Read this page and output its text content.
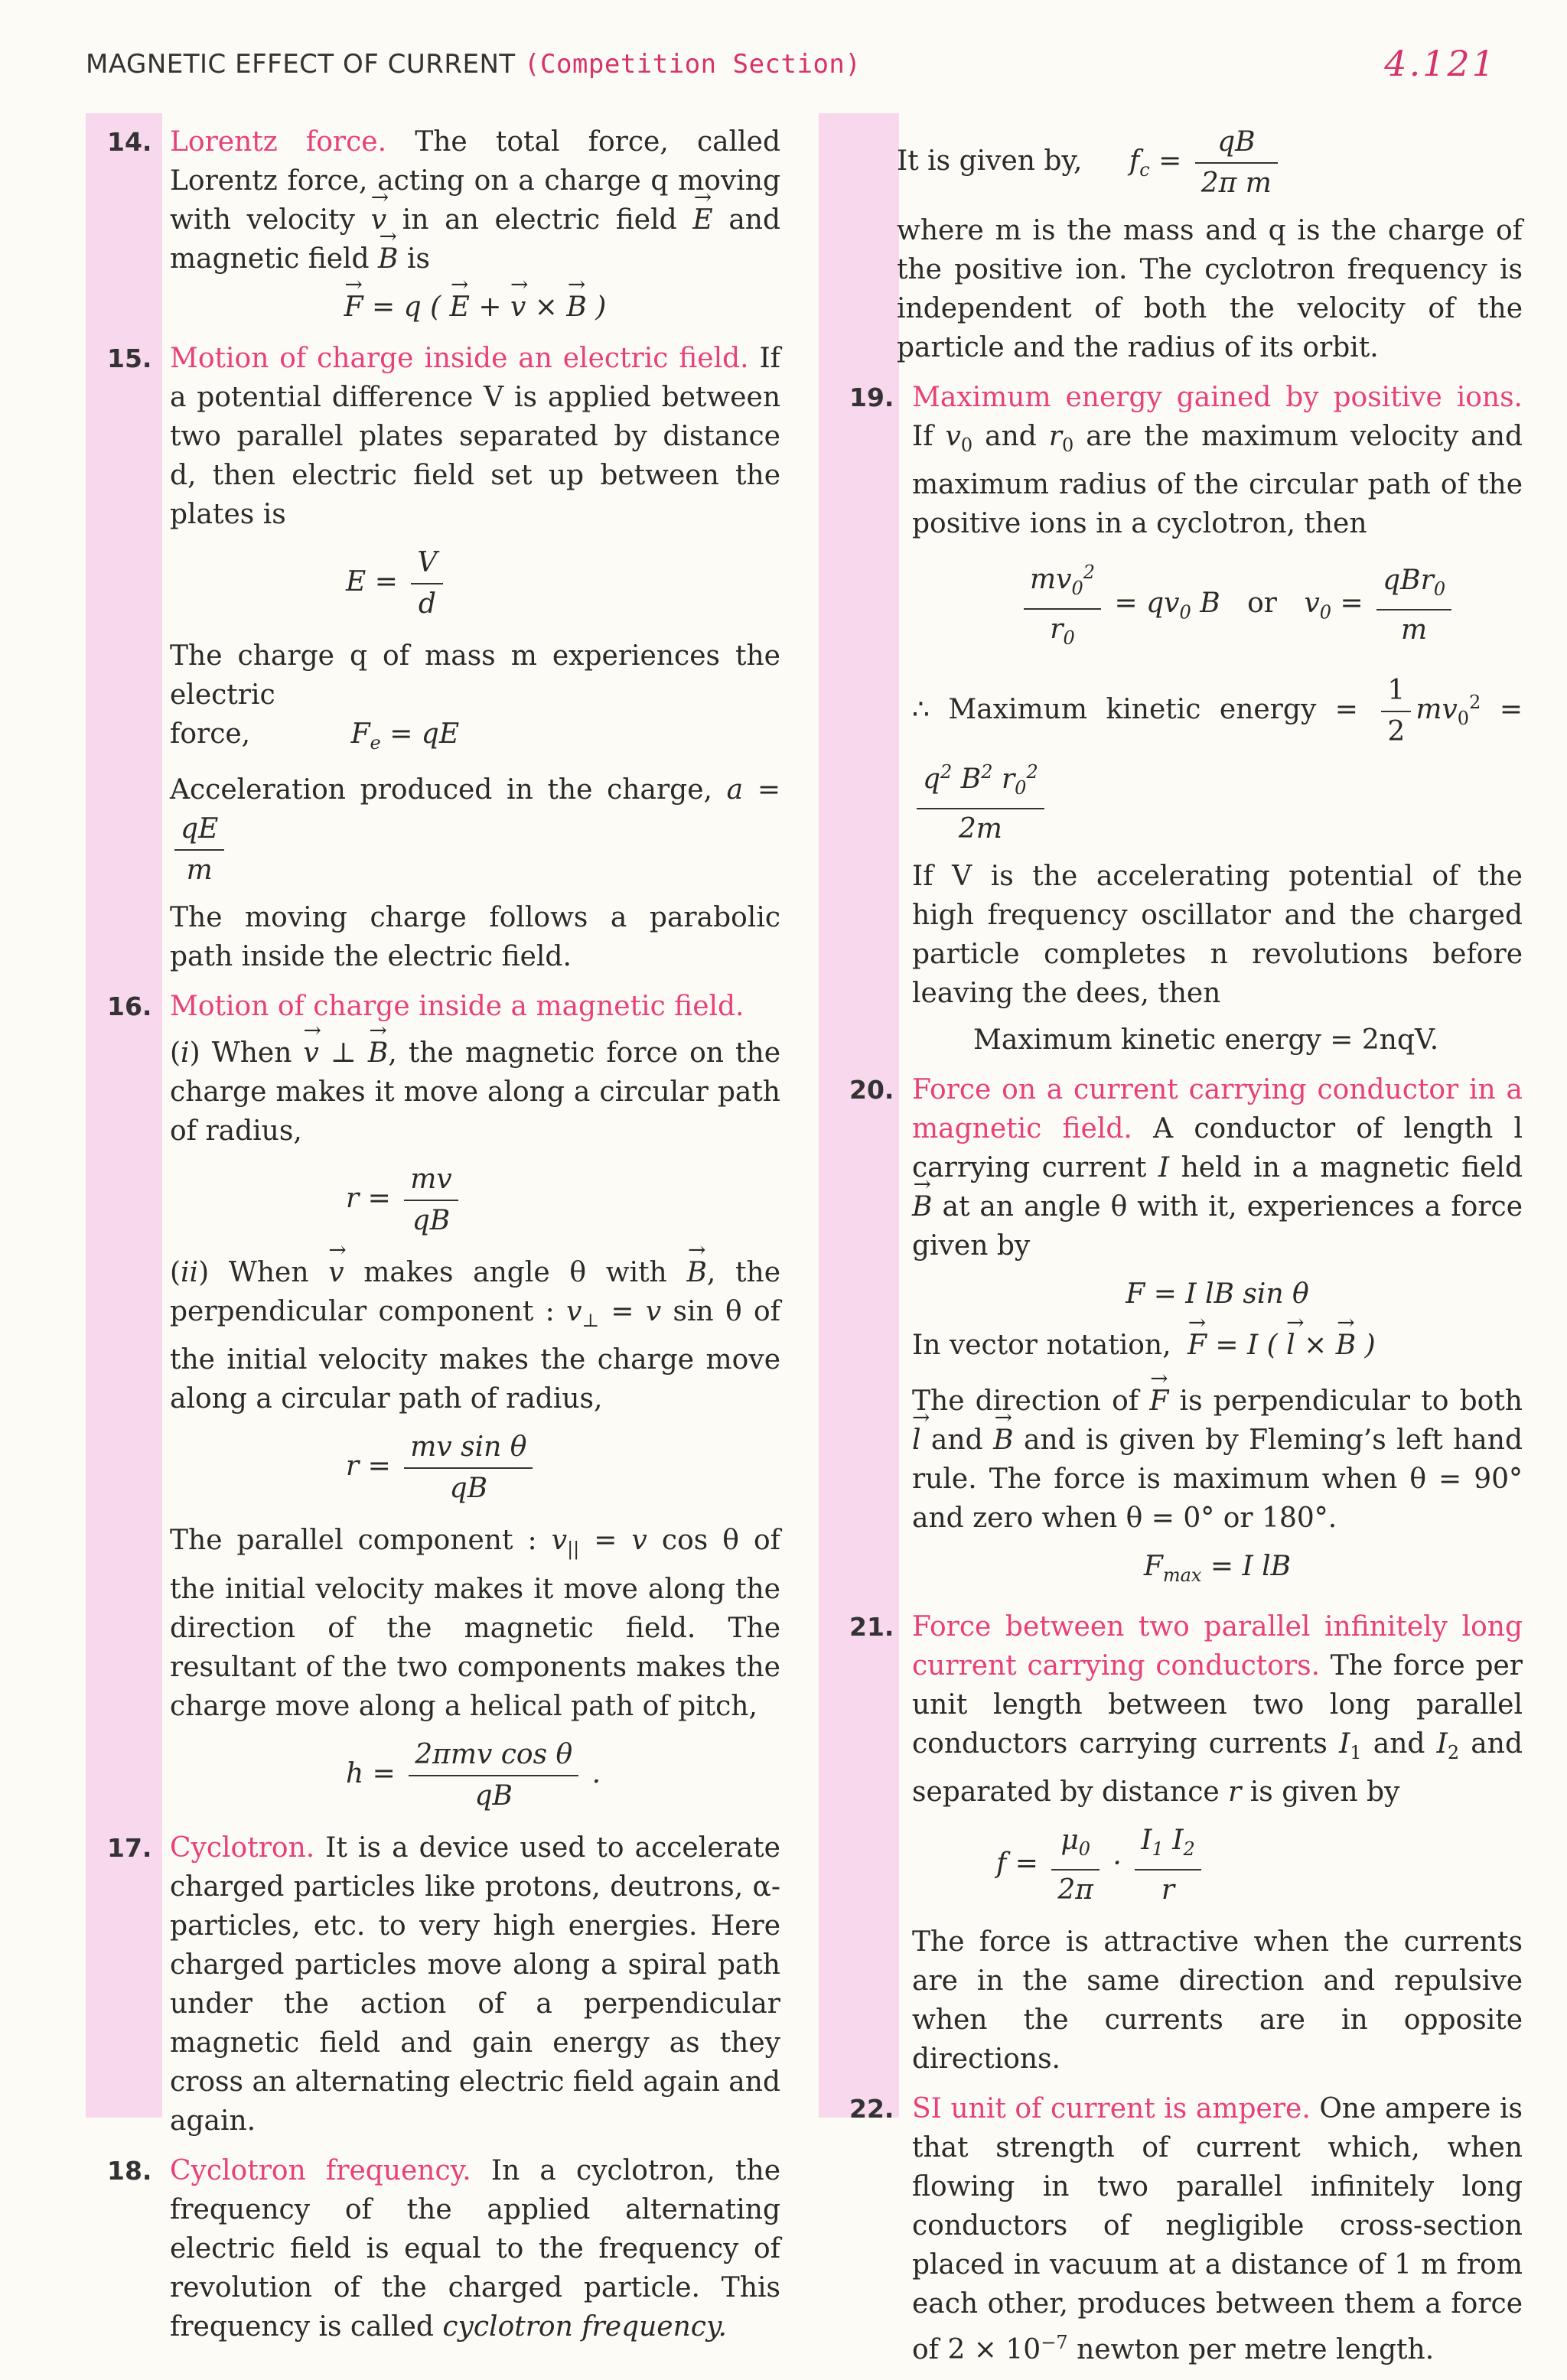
MAGNETIC EFFECT OF CURRENT (Competition Section)	4.121
14. Lorentz force. The total force, called Lorentz force, acting on a charge q moving with velocity → v in an electric field → E and magnetic field → B is

→ F = q ( → E + → v × → B )
15. Motion of charge inside an electric field. If a potential difference V is applied between two parallel plates separated by distance d, then electric field set up between the plates is

$E = \frac{V}{d}$

The charge q of mass m experiences the electric
force,	$F_e$ = qE

Acceleration produced in the charge, a =
$\frac{qE}{m}$

The moving charge follows a parabolic path inside the electric field.

16. Motion of charge inside a magnetic field.

(i) When → v ⊥ → B, the magnetic force on the charge makes it move along a circular path of radius,

$r = \frac{mv}{qB}$

(ii) When → v makes angle θ with → B, the perpendicular component : $v_\perp = v$ sin θ of the initial velocity makes the charge move along a circular path of radius,

$r = \frac{\text{mv sin θ}}{qB}$

The parallel component : $v_{||} = v$ cos θ of the initial velocity makes it move along the direction of the magnetic field. The resultant of the two components makes the charge move along a helical path of pitch,

$h = \frac{\text{2πmv cos θ}}{qB}$ .
17. Cyclotron. It is a device used to accelerate charged particles like protons, deutrons, α-particles, etc. to very high energies. Here charged particles move along a spiral path under the action of a perpendicular magnetic field and gain energy as they cross an alternating electric field again and again.

18. Cyclotron frequency. In a cyclotron, the frequency of the applied alternating electric field is equal to the frequency of revolution of the charged particle. This frequency is called cyclotron frequency.

It is given by, $f_c = \frac{qB}{\text{2π m}}$

where m is the mass and q is the charge of the positive ion. The cyclotron frequency is independent of both the velocity of the particle and the radius of its orbit.

19. Maximum energy gained by positive ions. If $v_0$ and $r_0$ are the maximum velocity and maximum radius of the circular path of the positive ions in a cyclotron, then

$\frac{mv_0^2}{r_0} = qv_0$ B or $v_0 = \frac{qBr_0}{m}$

∴ Maximum kinetic energy = $\frac{1}{2} mv_0^2$ =
$\frac{q^2 B^2 r_0^2}{2m}$

If V is the accelerating potential of the high frequency oscillator and the charged particle completes n revolutions before leaving the dees, then

Maximum kinetic energy = 2nqV.

20. Force on a current carrying conductor in a magnetic field. A conductor of length l carrying current I held in a magnetic field → B at an angle θ with it, experiences a force given by

F = I lB sin θ

In vector notation, → F = I ( → l × → B )

The direction of → F is perpendicular to both → l and → B and is given by Fleming’s left hand rule. The force is maximum when θ = 90° and zero when θ = 0° or 180°.

$F_{max} = I$ lB
21. Force between two parallel infinitely long current carrying conductors. The force per unit length between two long parallel conductors carrying currents $I_1$ and $I_2$ and separated by distance r is given by

$f = \frac{\mu_0}{2\pi} \cdot \frac{I_1 I_2}{r}$

The force is attractive when the currents are in the same direction and repulsive when the currents are in opposite directions.

22. SI unit of current is ampere. One ampere is that strength of current which, when flowing in two parallel infinitely long conductors of negligible cross-section placed in vacuum at a distance of 1 m from each other, produces between them a force of $2 \times 10^{-7}$ newton per metre length.
